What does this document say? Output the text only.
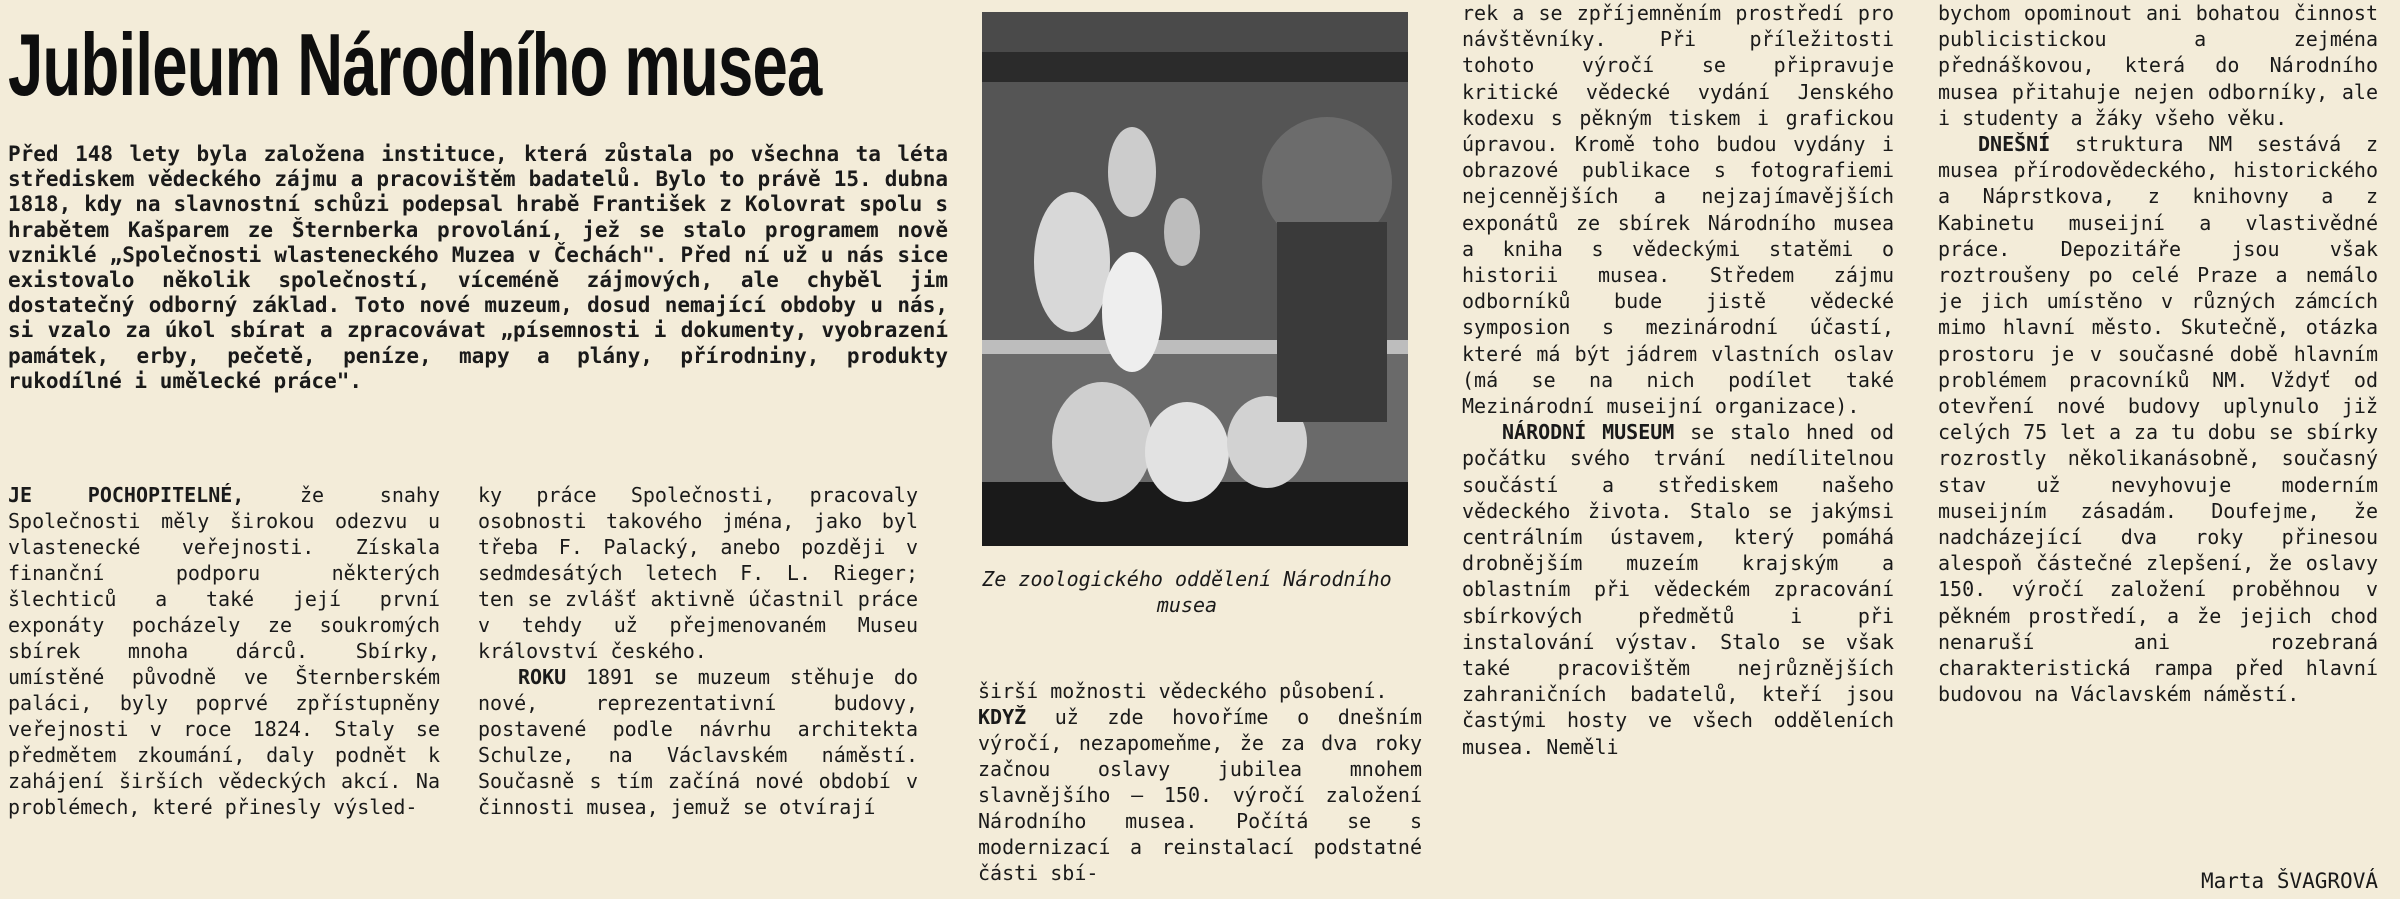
Jubileum Národního musea

Před 148 lety byla založena instituce, která zůstala po všechna ta léta střediskem vědeckého zájmu a pracovištěm badatelů. Bylo to právě 15. dubna 1818, kdy na slavnostní schůzi podepsal hrabě František z Kolovrat spolu s hrabětem Kašparem ze Šternberka provolání, jež se stalo programem nově vzniklé „Společnosti wlasteneckého Muzea v Čechách". Před ní už u nás sice existovalo několik společností, víceméně zájmových, ale chyběl jim dostatečný odborný základ. Toto nové muzeum, dosud nemající obdoby u nás, si vzalo za úkol sbírat a zpracovávat „písemnosti i dokumenty, vyobrazení památek, erby, pečetě, peníze, mapy a plány, přírodniny, produkty rukodílné i umělecké práce".

JE POCHOPITELNÉ, že snahy Společnosti měly širokou odezvu u vlastenecké veřejnosti. Získala finanční podporu některých šlechticů a také její první exponáty pocházely ze soukromých sbírek mnoha dárců. Sbírky, umístěné původně ve Šternberském paláci, byly poprvé zpřístupněny veřejnosti v roce 1824. Staly se předmětem zkoumání, daly podnět k zahájení širších vědeckých akcí. Na problémech, které přinesly výsled-

ky práce Společnosti, pracovaly osobnosti takového jména, jako byl třeba F. Palacký, anebo později v sedmdesátých letech F. L. Rieger; ten se zvlášť aktivně účastnil práce v tehdy už přejmenovaném Museu království českého.

ROKU 1891 se muzeum stěhuje do nové, reprezentativní budovy, postavené podle návrhu architekta Schulze, na Václavském náměstí. Současně s tím začíná nové období v činnosti musea, jemuž se otvírají

Ze zoologického oddělení Národního musea

širší možnosti vědeckého působení.

KDYŽ už zde hovoříme o dnešním výročí, nezapomeňme, že za dva roky začnou oslavy jubilea mnohem slavnějšího — 150. výročí založení Národního musea. Počítá se s modernizací a reinstalací podstatné části sbí-

rek a se zpříjemněním prostředí pro návštěvníky. Při příležitosti tohoto výročí se připravuje kritické vědecké vydání Jenského kodexu s pěkným tiskem i grafickou úpravou. Kromě toho budou vydány i obrazové publikace s fotografiemi nejcennějších a nejzajímavějších exponátů ze sbírek Národního musea a kniha s vědeckými statěmi o historii musea. Středem zájmu odborníků bude jistě vědecké symposion s mezinárodní účastí, které má být jádrem vlastních oslav (má se na nich podílet také Mezinárodní museijní organizace).

NÁRODNÍ MUSEUM se stalo hned od počátku svého trvání nedílitelnou součástí a střediskem našeho vědeckého života. Stalo se jakýmsi centrálním ústavem, který pomáhá drobnějším muzeím krajským a oblastním při vědeckém zpracování sbírkových předmětů i při instalování výstav. Stalo se však také pracovištěm nejrůznějších zahraničních badatelů, kteří jsou častými hosty ve všech odděleních musea. Neměli

bychom opominout ani bohatou činnost publicistickou a zejména přednáškovou, která do Národního musea přitahuje nejen odborníky, ale i studenty a žáky všeho věku.

DNEŠNÍ struktura NM sestává z musea přírodovědeckého, historického a Náprstkova, z knihovny a z Kabinetu museijní a vlastivědné práce. Depozitáře jsou však roztroušeny po celé Praze a nemálo je jich umístěno v různých zámcích mimo hlavní město. Skutečně, otázka prostoru je v současné době hlavním problémem pracovníků NM. Vždyť od otevření nové budovy uplynulo již celých 75 let a za tu dobu se sbírky rozrostly několikanásobně, současný stav už nevyhovuje moderním museijním zásadám. Doufejme, že nadcházející dva roky přinesou alespoň částečné zlepšení, že oslavy 150. výročí založení proběhnou v pěkném prostředí, a že jejich chod nenaruší ani rozebraná charakteristická rampa před hlavní budovou na Václavském náměstí.

Marta ŠVAGROVÁ
